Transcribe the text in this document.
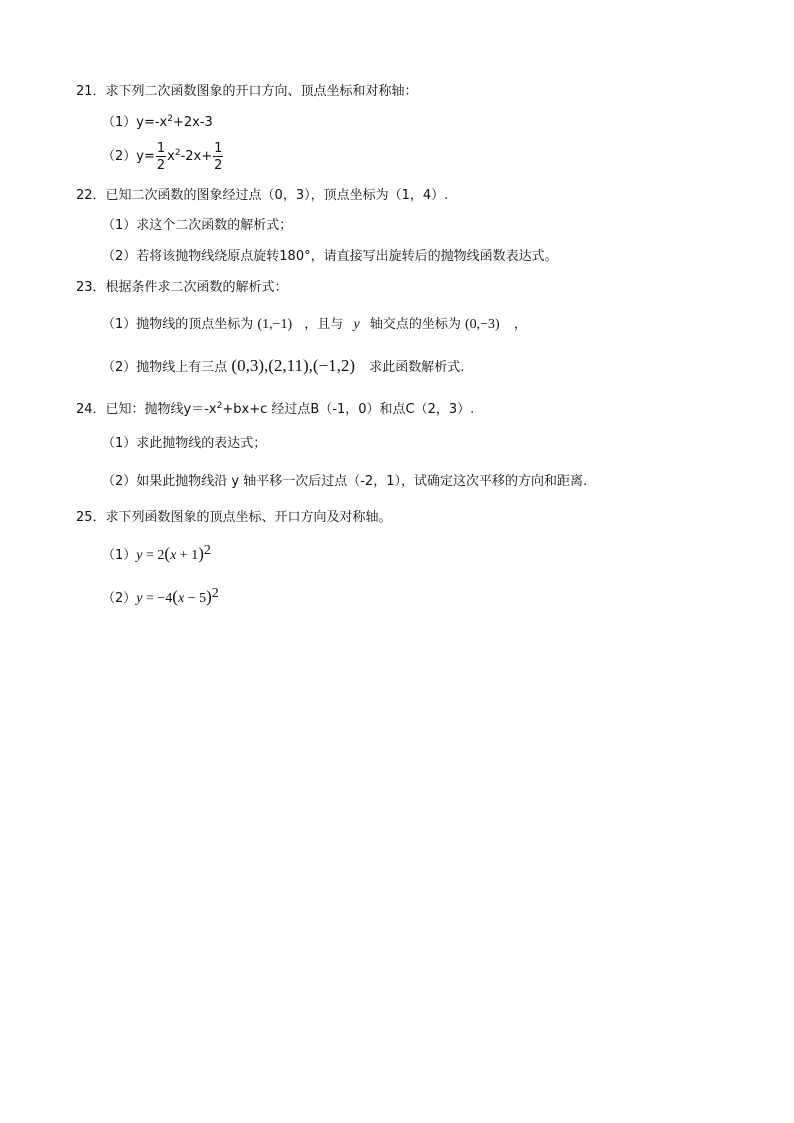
21．求下列二次函数图象的开口方向、顶点坐标和对称轴：
$(1)y=-x^2+2x-3$
$(2)y= \frac{1}{2} x^2-2x+ \frac{1}{2}$
22．已知二次函数的图象经过点（0，3），顶点坐标为（1，4）.
（1）求这个二次函数的解析式；
（2）若将该抛物线绕原点旋转180°，请直接写出旋转后的抛物线函数表达式。
23．根据条件求二次函数的解析式：
（1）抛物线的顶点坐标为 (1,−1) ，且与 y 轴交点的坐标为 (0,−3) ，
（2）抛物线上有三点 (0,3),(2,11),(−1,2) 求此函数解析式.
24．已知：抛物线$y=-x^2+bx+c$ 经过点B（-1，0）和点C（2，3）.
（1）求此抛物线的表达式；
（2）如果此抛物线沿 y 轴平移一次后过点（-2，1），试确定这次平移的方向和距离.
25．求下列函数图象的顶点坐标、开口方向及对称轴。
$(1)y = 2(x + 1)^2$
$(2)y = -4(x - 5)^2$
